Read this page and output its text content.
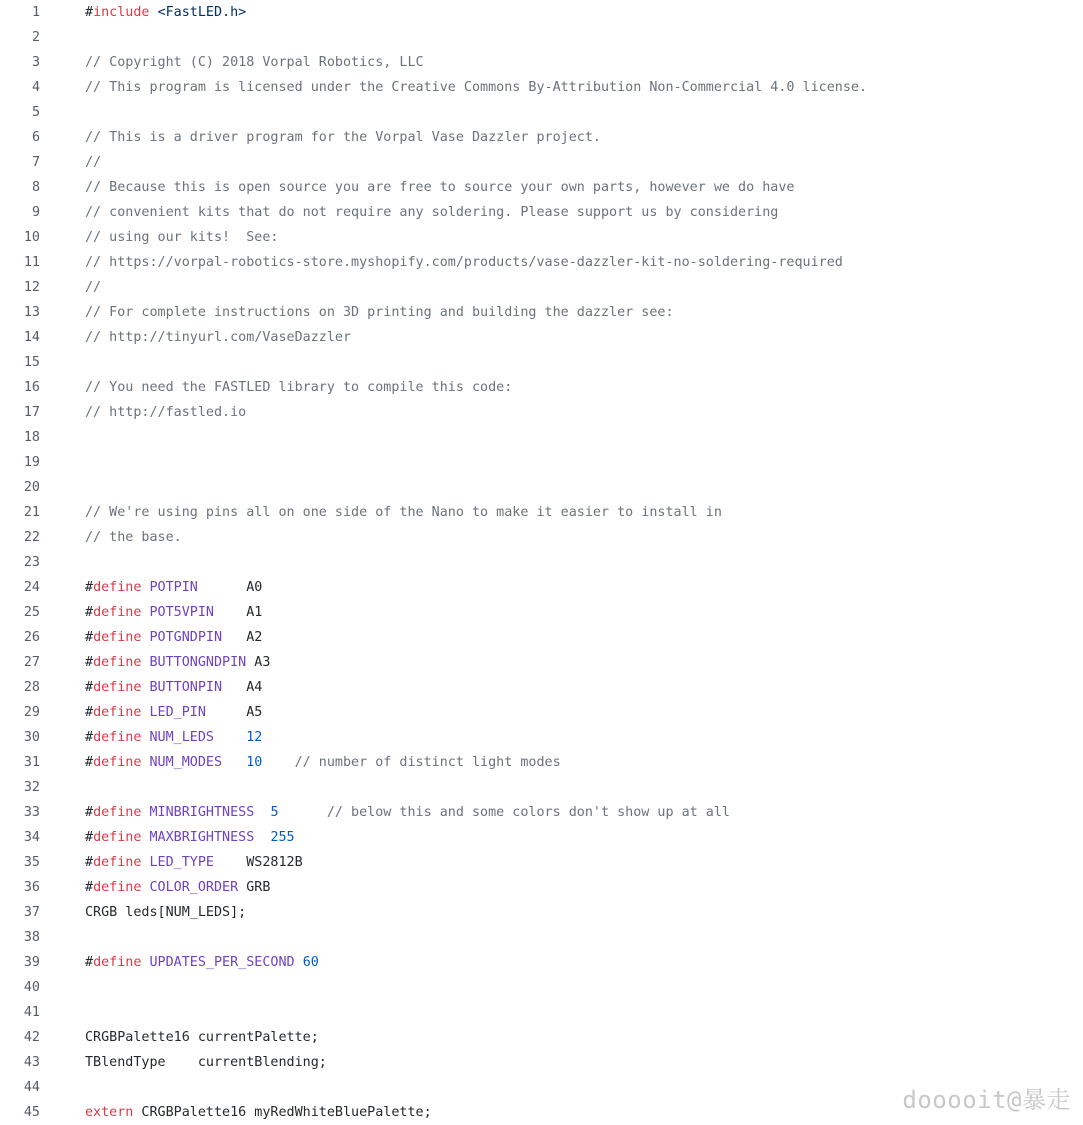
1	#include <FastLED.h>
2
3	// Copyright (C) 2018 Vorpal Robotics, LLC
4	// This program is licensed under the Creative Commons By-Attribution Non-Commercial 4.0 license.
5
6	// This is a driver program for the Vorpal Vase Dazzler project.
7	//
8	// Because this is open source you are free to source your own parts, however we do have
9	// convenient kits that do not require any soldering. Please support us by considering
10	// using our kits!  See:
11	// https://vorpal-robotics-store.myshopify.com/products/vase-dazzler-kit-no-soldering-required
12	//
13	// For complete instructions on 3D printing and building the dazzler see:
14	// http://tinyurl.com/VaseDazzler
15
16	// You need the FASTLED library to compile this code:
17	// http://fastled.io
18
19
20
21	// We're using pins all on one side of the Nano to make it easier to install in
22	// the base.
23
24	#define POTPIN      A0
25	#define POT5VPIN    A1
26	#define POTGNDPIN   A2
27	#define BUTTONGNDPIN A3
28	#define BUTTONPIN   A4
29	#define LED_PIN     A5
30	#define NUM_LEDS 12
31	#define NUM_MODES 10 // number of distinct light modes
32
33	#define MINBRIGHTNESS 5	// below this and some colors don't show up at all
34	#define MAXBRIGHTNESS 255
35	#define LED_TYPE    WS2812B
36	#define COLOR_ORDER GRB
37	CRGB leds[NUM_LEDS];
38
39	#define UPDATES_PER_SECOND 60
40
41
42	CRGBPalette16 currentPalette;
43	TBlendType    currentBlending;
44
45	extern CRGBPalette16 myRedWhiteBluePalette;	dooooit@暴走
